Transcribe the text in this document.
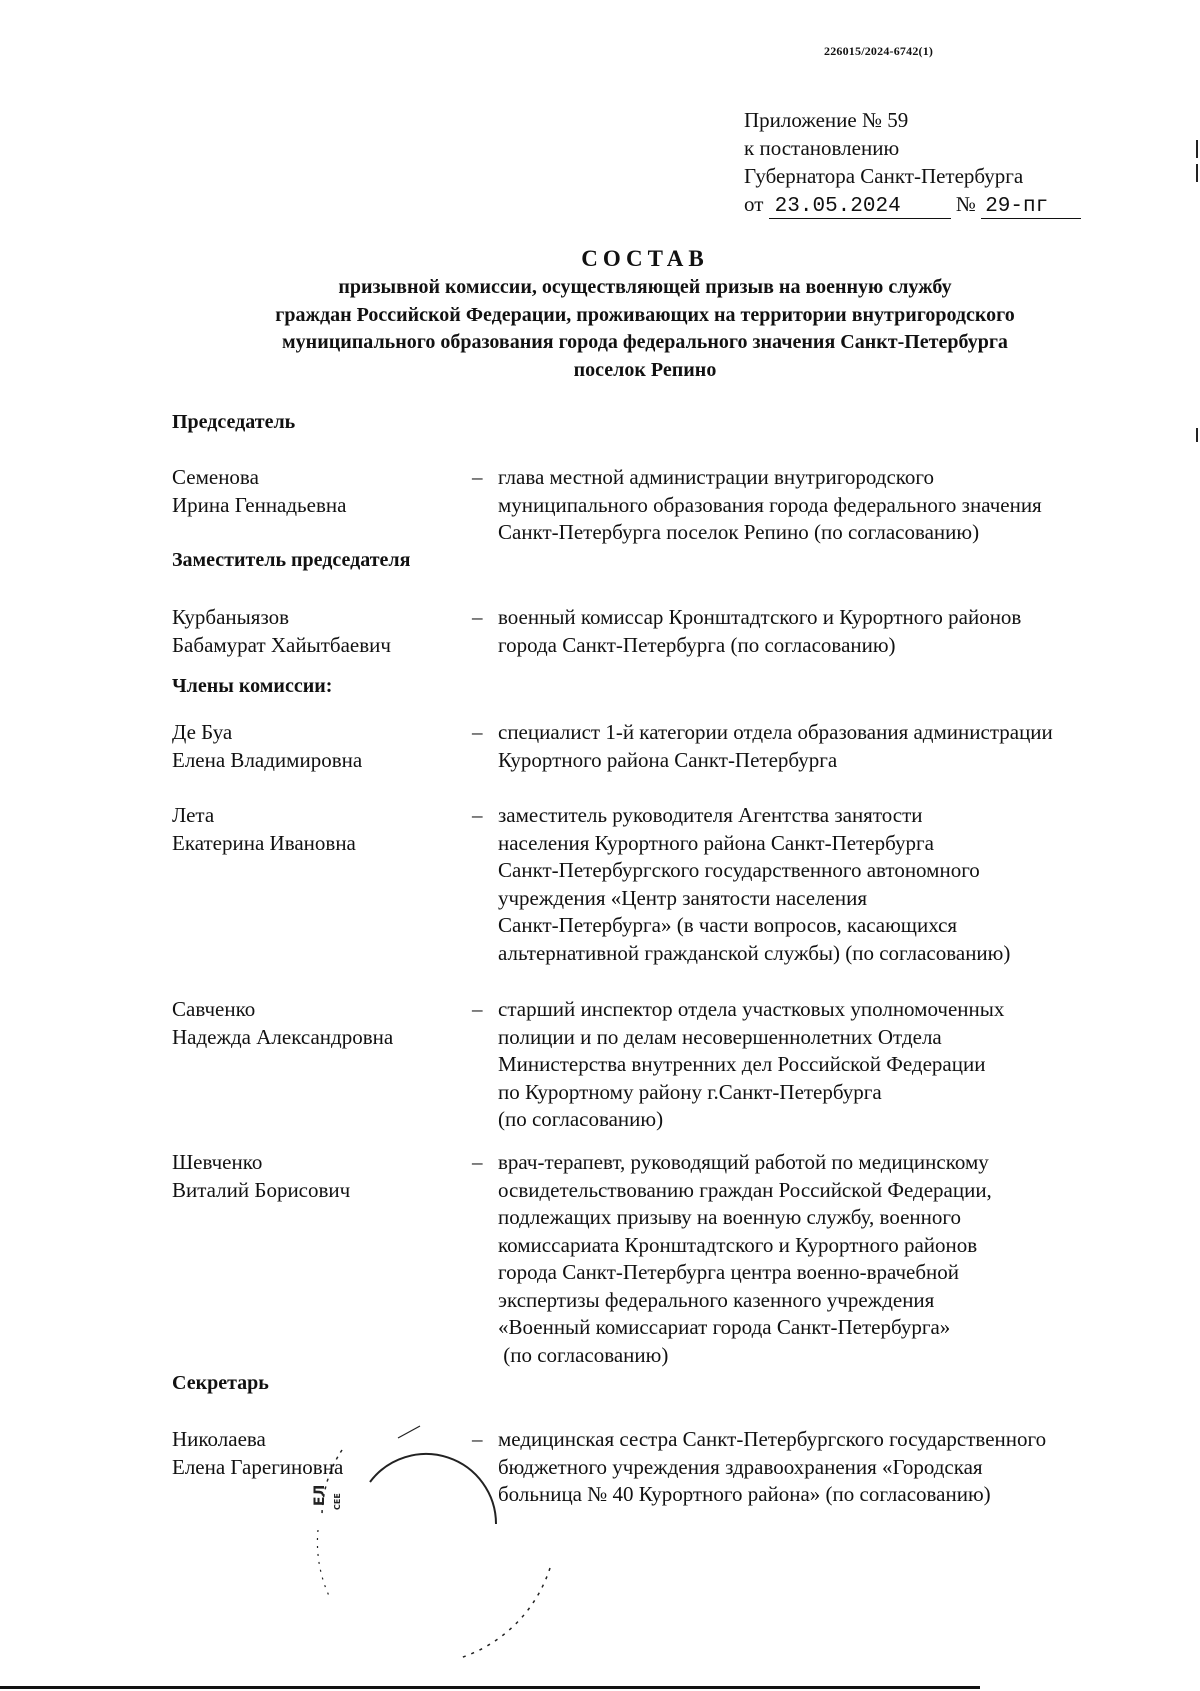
226015/2024-6742(1)
Приложение № 59
к постановлению
Губернатора Санкт-Петербурга
от 23.05.2024	№ 29-пг
СОСТАВ
призывной комиссии, осуществляющей призыв на военную службу
граждан Российской Федерации, проживающих на территории внутригородского
муниципального образования города федерального значения Санкт-Петербурга
поселок Репино
Председатель
Семенова
Ирина Геннадьевна
– глава местной администрации внутригородского
муниципального образования города федерального значения
Санкт-Петербурга поселок Репино (по согласованию)
Заместитель председателя
Курбаныязов
Бабамурат Хайытбаевич
– военный комиссар Кронштадтского и Курортного районов
города Санкт-Петербурга (по согласованию)
Члены комиссии:
Де Буа
Елена Владимировна
– специалист 1-й категории отдела образования администрации
Курортного района Санкт-Петербурга
Лета
Екатерина Ивановна
– заместитель руководителя Агентства занятости
населения Курортного района Санкт-Петербурга
Санкт-Петербургского государственного автономного
учреждения «Центр занятости населения
Санкт-Петербурга» (в части вопросов, касающихся
альтернативной гражданской службы) (по согласованию)
Савченко
Надежда Александровна
– старший инспектор отдела участковых уполномоченных
полиции и по делам несовершеннолетних Отдела
Министерства внутренних дел Российской Федерации
по Курортному району г.Санкт-Петербурга
(по согласованию)
Шевченко
Виталий Борисович
– врач-терапевт, руководящий работой по медицинскому
освидетельствованию граждан Российской Федерации,
подлежащих призыву на военную службу, военного
комиссариата Кронштадтского и Курортного районов
города Санкт-Петербурга центра военно-врачебной
экспертизы федерального казенного учреждения
«Военный комиссариат города Санкт-Петербурга»
(по согласованию)
Секретарь
Николаева
Елена Гарегиновна
– медицинская сестра Санкт-Петербургского государственного
бюджетного учреждения здравоохранения «Городская
больница № 40 Курортного района» (по согласованию)
ЕЛ СЕЕ
